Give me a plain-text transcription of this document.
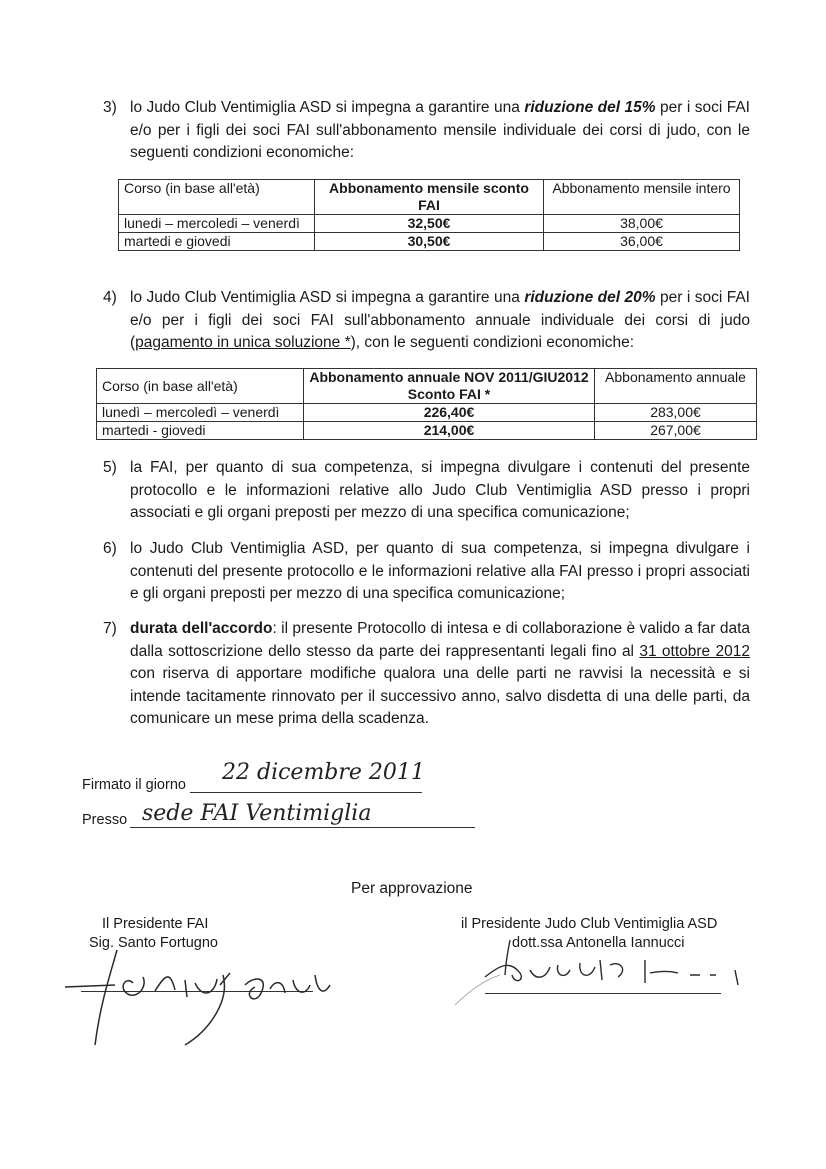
3) lo Judo Club Ventimiglia ASD si impegna a garantire una riduzione del 15% per i soci FAI e/o per i figli dei soci FAI sull'abbonamento mensile individuale dei corsi di judo, con le seguenti condizioni economiche:
Corso (in base all'età)	Abbonamento mensile sconto FAI	Abbonamento mensile intero
lunedi – mercoledi – venerdì	32,50€	38,00€
martedi e giovedi	30,50€	36,00€
4) lo Judo Club Ventimiglia ASD si impegna a garantire una riduzione del 20% per i soci FAI e/o per i figli dei soci FAI sull'abbonamento annuale individuale dei corsi di judo (pagamento in unica soluzione *), con le seguenti condizioni economiche:
Corso (in base all'età)	Abbonamento annuale NOV 2011/GIU2012 Sconto FAI *	Abbonamento annuale
lunedì – mercoledì – venerdì	226,40€	283,00€
martedi - giovedi	214,00€	267,00€
5) la FAI, per quanto di sua competenza, si impegna divulgare i contenuti del presente protocollo e le informazioni relative allo Judo Club Ventimiglia ASD presso i propri associati e gli organi preposti per mezzo di una specifica comunicazione;
6) lo Judo Club Ventimiglia ASD, per quanto di sua competenza, si impegna divulgare i contenuti del presente protocollo e le informazioni relative alla FAI presso i propri associati e gli organi preposti per mezzo di una specifica comunicazione;
7) durata dell'accordo: il presente Protocollo di intesa e di collaborazione è valido a far data dalla sottoscrizione dello stesso da parte dei rappresentanti legali fino al 31 ottobre 2012 con riserva di apportare modifiche qualora una delle parti ne ravvisi la necessità e si intende tacitamente rinnovato per il successivo anno, salvo disdetta di una delle parti, da comunicare un mese prima della scadenza.
Firmato il giorno 22 dicembre 2011
Presso sede FAI Ventimiglia
Per approvazione
Il Presidente FAI
Sig. Santo Fortugno
il Presidente Judo Club Ventimiglia ASD
dott.ssa Antonella Iannucci
